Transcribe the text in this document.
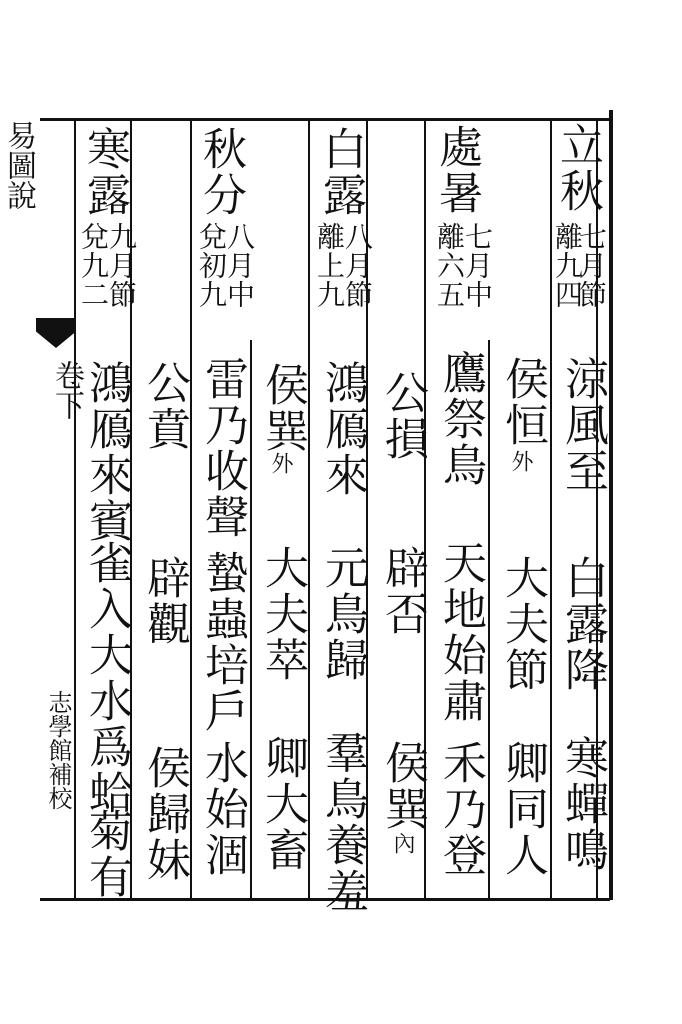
立秋
七月節
離九四
涼風至
白露降
寒蟬鳴
侯恒
外
大夫節
卿同人
處暑
七月中
離六五
鷹祭鳥
天地始肅
禾乃登
公損
辟否
侯巽
內
白露
八月節
離上九
鴻鴈來
元鳥歸
羣鳥養羞
侯巽
外
大夫萃
卿大畜
秋分
八月中
兌初九
雷乃收聲
蟄蟲培戶
水始涸
公賁
辟觀
侯歸妹
寒露
九月節
兌九二
鴻鴈來賓
雀入大水爲蛤
菊有
易圖說
卷下
志學館補校
